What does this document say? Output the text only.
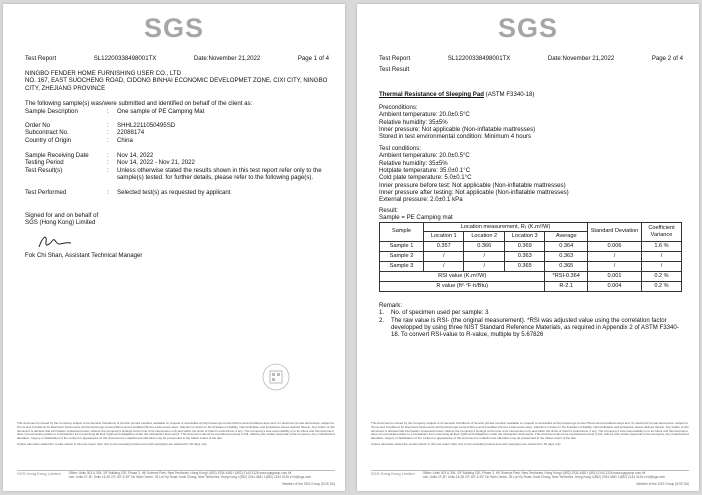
SGS
Test Report	SL12200338498001TX	Date:November 21,2022	Page 1 of 4
NINGBO FENDER HOME FURNISHING USER CO., LTD
NO. 167, EAST SUOCHENG ROAD, CIDONG BINHAI ECONOMIC DEVELOPMET ZONE, CIXI CITY, NINGBO
CITY, ZHEJIANG PROVINCE
The following sample(s) was/were submitted and identified on behalf of the client as:
Sample Description	:	One sample of PE Camping Mat
Order No	:	SHHL2211050495SD
Subcontract No.	:	22088174
Country of Origin	:	China
Sample Receiving Date	:	Nov 14, 2022
Testing Period	:	Nov 14, 2022 - Nov 21, 2022
Test Result(s)	:	Unless otherwise stated the results shown in this test report refer only to the sample(s) tested. for further details, please refer to the following page(s).
Test Performed	:	Selected test(s) as requested by applicant
Signed for and on behalf of
SGS (Hong Kong) Limited
Fok Chi Shan, Assistant Technical Manager

This document is issued by the Company subject to its General Conditions of Service printed overleaf, available on request or accessible at http://www.sgs.com/en/Terms-and-Conditions.aspx and, for electronic format documents, subject to Terms and Conditions for Electronic Documents at http://www.sgs.com/en/Terms-and-Conditions/Terms-e-Document.aspx. Attention is drawn to the limitation of liability, indemnification and jurisdiction issues defined therein. Any holder of this document is advised that information contained hereon reflects the Company's findings at the time of its intervention only and within the limits of Client's instructions, if any. The Company's sole responsibility is to its Client and this document does not exonerate parties to a transaction from exercising all their rights and obligations under the transaction documents. This document cannot be reproduced except in full, without prior written approval of the Company. Any unauthorized alteration, forgery or falsification of the content or appearance of this document is unlawful and offenders may be prosecuted to the fullest extent of the law.

Unless otherwise stated the results shown in this test report refer only to the sample(s) tested and such sample(s) are retained for 30 days only.

SGS Hong Kong Limited	Office: Units 303 & 305, 3/F Building 22E, Phase 3, HK Science Park, New Territories, Hong Kong t (852) 2334 4481 f (852) 2144 3126 www.sgsgroup.com.hk
Lab: Units 1F-3F, Units 16-28 2/F, 6/F & 9/F On Wah Centre, 25 Lai Yip Road, Kwai Chung, New Territories, Hong Kong t (852) 2334 4481 f (852) 2144 3126 e hk@sgs.com
Member of the SGS Group (SGS SA)
SGS
Test Report	SL12200338498001TX	Date:November 21,2022	Page 2 of 4
Test Result
Thermal Resistance of Sleeping Pad (ASTM F3340-18)
Preconditions:
Ambient temperature: 20.0±0.5°C
Relative humidity: 35±5%
Inner pressure: Not applicable (Non-inflatable mattresses)
Stored in test environmental condition: Minimum 4 hours
Test conditions:
Ambient temperature: 20.0±0.5°C
Relative humidity: 35±5%
Hotplate temperature: 35.0±0.1°C
Cold plate temperature: 5.0±0.1°C
Inner pressure before test: Not applicable (Non-inflatable mattresses)
Inner pressure after testing: Not applicable (Non-inflatable mattresses)
External pressure: 2.0±0.1 kPa
Result:
Sample = PE Camping mat
Sample	Location measurement, Rₜ (K.m²/W)				Standard Deviation	Coefficient Variance
	Location 1	Location 2	Location 3	Average		
Sample 1	0.357	0.366	0.369	0.364	0.006	1.6 %
Sample 2	/	/	0.363	0.363	/	/
Sample 3	/	/	0.365	0.365	/	/
RSI value (K.m²/W)				*RSI-0.364	0.001	0.2 %
R value (ft²·°F·h/Btu)				R-2.1	0.004	0.2 %
Remark:
1.	No. of specimen used per sample: 3
2.	The raw value is RSI- (the original measurement). *RSI was adjusted value using the correlation factor developped by using three NIST Standard Reference Materials, as required in Appendix 2 of ASTM F3340-18. To convert RSI-value to R-value, multiple by 5.67826

This document is issued by the Company subject to its General Conditions of Service printed overleaf, available on request or accessible at http://www.sgs.com/en/Terms-and-Conditions.aspx and, for electronic format documents, subject to Terms and Conditions for Electronic Documents at http://www.sgs.com/en/Terms-and-Conditions/Terms-e-Document.aspx. Attention is drawn to the limitation of liability, indemnification and jurisdiction issues defined therein. Any holder of this document is advised that information contained hereon reflects the Company's findings at the time of its intervention only and within the limits of Client's instructions, if any. The Company's sole responsibility is to its Client and this document does not exonerate parties to a transaction from exercising all their rights and obligations under the transaction documents. This document cannot be reproduced except in full, without prior written approval of the Company. Any unauthorized alteration, forgery or falsification of the content or appearance of this document is unlawful and offenders may be prosecuted to the fullest extent of the law.

Unless otherwise stated the results shown in this test report refer only to the sample(s) tested and such sample(s) are retained for 30 days only.

SGS Hong Kong Limited	Office: Units 303 & 305, 3/F Building 22E, Phase 3, HK Science Park, New Territories, Hong Kong t (852) 2334 4481 f (852) 2144 3126 www.sgsgroup.com.hk
Lab: Units 1F-3F, Units 16-28 2/F, 6/F & 9/F On Wah Centre, 25 Lai Yip Road, Kwai Chung, New Territories, Hong Kong t (852) 2334 4481 f (852) 2144 3126 e hk@sgs.com
Member of the SGS Group (SGS SA)
